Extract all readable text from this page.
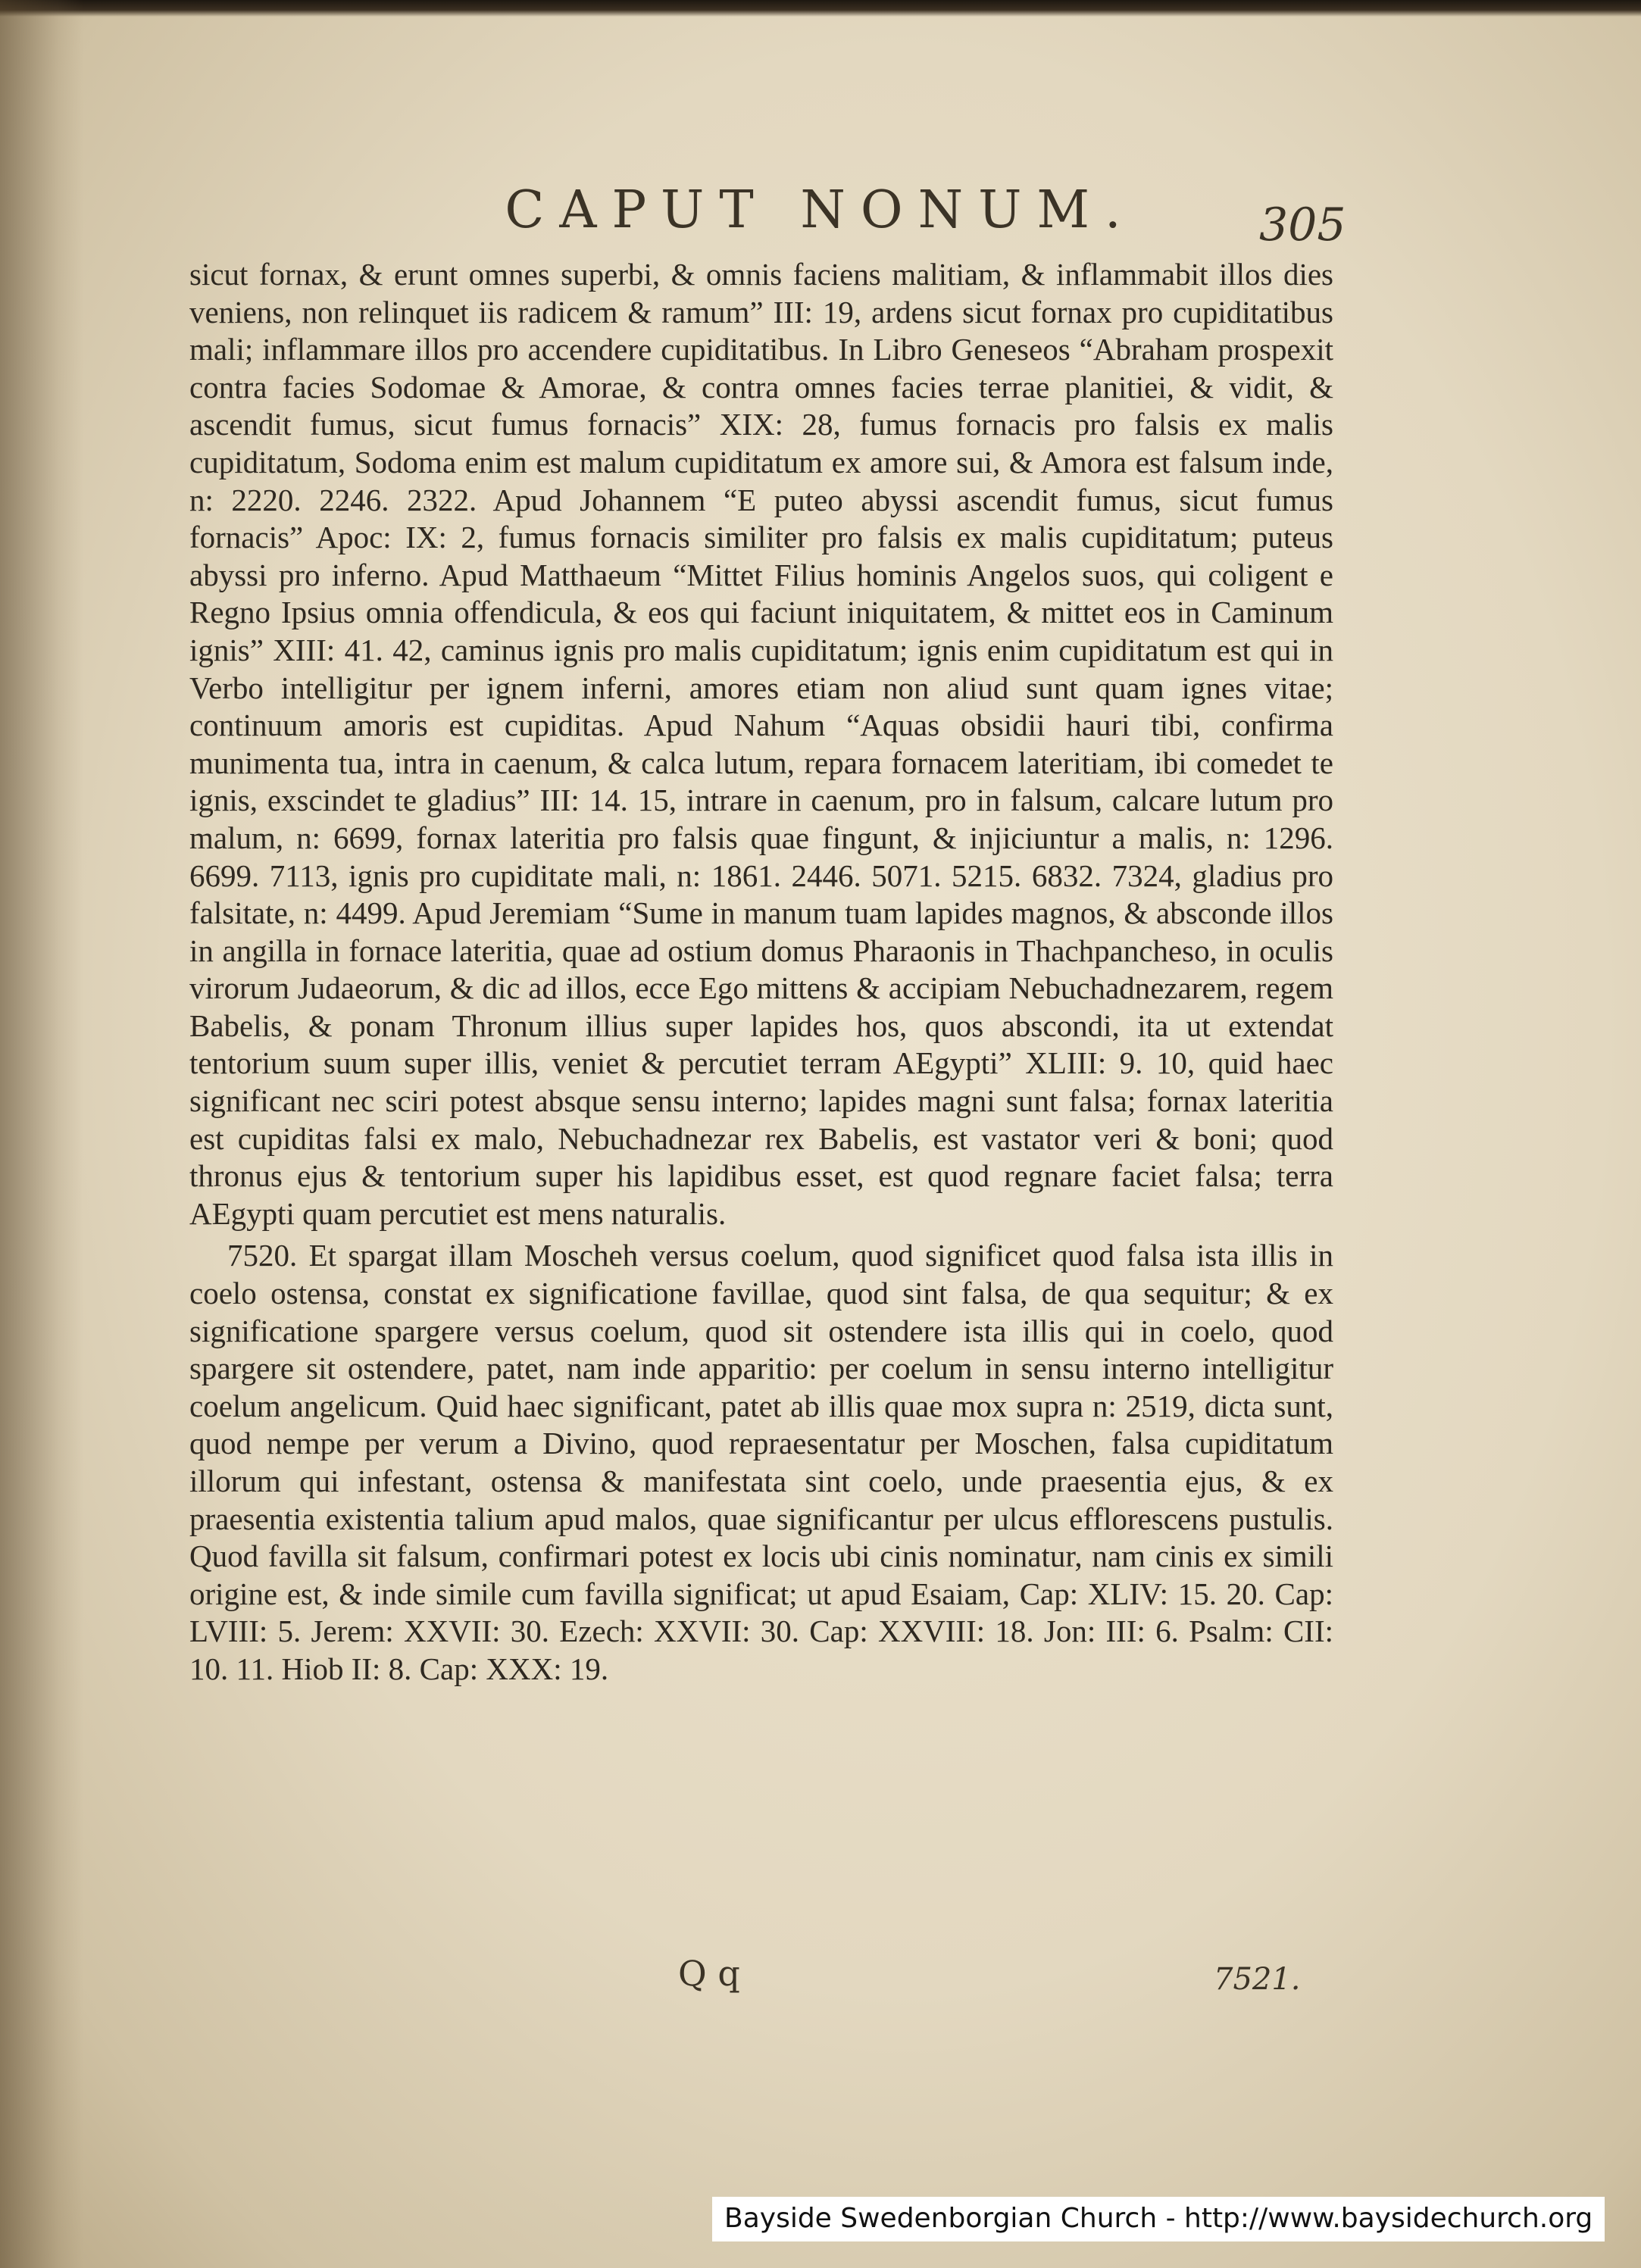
CAPUT NONUM.	305

sicut fornax, & erunt omnes superbi, & omnis faciens malitiam, & inflammabit illos dies veniens, non relinquet iis radicem & ramum” III: 19, ardens sicut fornax pro cupiditatibus mali; inflammare illos pro accendere cupiditatibus. In Libro Geneseos “Abraham prospexit contra facies Sodomae & Amorae, & contra omnes facies terrae planitiei, & vidit, & ascendit fumus, sicut fumus fornacis” XIX: 28, fumus fornacis pro falsis ex malis cupiditatum, Sodoma enim est malum cupiditatum ex amore sui, & Amora est falsum inde, n: 2220. 2246. 2322. Apud Johannem “E puteo abyssi ascendit fumus, sicut fumus fornacis” Apoc: IX: 2, fumus fornacis similiter pro falsis ex malis cupiditatum; puteus abyssi pro inferno. Apud Matthaeum “Mittet Filius hominis Angelos suos, qui coligent e Regno Ipsius omnia offendicula, & eos qui faciunt iniquitatem, & mittet eos in Caminum ignis” XIII: 41. 42, caminus ignis pro malis cupiditatum; ignis enim cupiditatum est qui in Verbo intelligitur per ignem inferni, amores etiam non aliud sunt quam ignes vitae; continuum amoris est cupiditas. Apud Nahum “Aquas obsidii hauri tibi, confirma munimenta tua, intra in caenum, & calca lutum, repara fornacem lateritiam, ibi comedet te ignis, exscindet te gladius” III: 14. 15, intrare in caenum, pro in falsum, calcare lutum pro malum, n: 6699, fornax lateritia pro falsis quae fingunt, & injiciuntur a malis, n: 1296. 6699. 7113, ignis pro cupiditate mali, n: 1861. 2446. 5071. 5215. 6832. 7324, gladius pro falsitate, n: 4499. Apud Jeremiam “Sume in manum tuam lapides magnos, & absconde illos in angilla in fornace lateritia, quae ad ostium domus Pharaonis in Thachpancheso, in oculis virorum Judaeorum, & dic ad illos, ecce Ego mittens & accipiam Nebuchadnezarem, regem Babelis, & ponam Thronum illius super lapides hos, quos abscondi, ita ut extendat tentorium suum super illis, veniet & percutiet terram AEgypti” XLIII: 9. 10, quid haec significant nec sciri potest absque sensu interno; lapides magni sunt falsa; fornax lateritia est cupiditas falsi ex malo, Nebuchadnezar rex Babelis, est vastator veri & boni; quod thronus ejus & tentorium super his lapidibus esset, est quod regnare faciet falsa; terra AEgypti quam percutiet est mens naturalis.

7520. Et spargat illam Moscheh versus coelum, quod significet quod falsa ista illis in coelo ostensa, constat ex significatione favillae, quod sint falsa, de qua sequitur; & ex significatione spargere versus coelum, quod sit ostendere ista illis qui in coelo, quod spargere sit ostendere, patet, nam inde apparitio: per coelum in sensu interno intelligitur coelum angelicum. Quid haec significant, patet ab illis quae mox supra n: 2519, dicta sunt, quod nempe per verum a Divino, quod repraesentatur per Moschen, falsa cupiditatum illorum qui infestant, ostensa & manifestata sint coelo, unde praesentia ejus, & ex praesentia existentia talium apud malos, quae significantur per ulcus efflorescens pustulis. Quod favilla sit falsum, confirmari potest ex locis ubi cinis nominatur, nam cinis ex simili origine est, & inde simile cum favilla significat; ut apud Esaiam, Cap: XLIV: 15. 20. Cap: LVIII: 5. Jerem: XXVII: 30. Ezech: XXVII: 30. Cap: XXVIII: 18. Jon: III: 6. Psalm: CII: 10. 11. Hiob II: 8. Cap: XXX: 19.

Q q	7521.
Bayside Swedenborgian Church - http://www.baysidechurch.org
